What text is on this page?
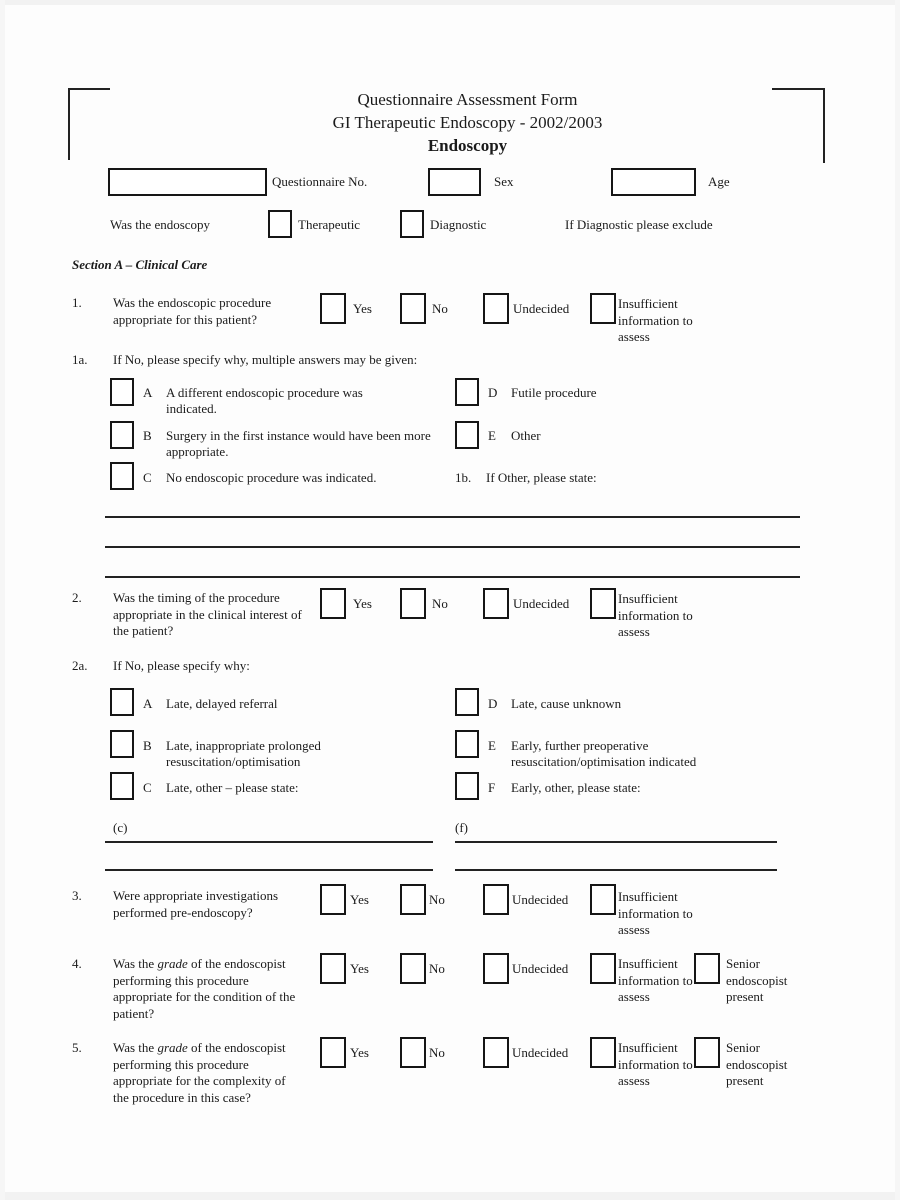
Questionnaire Assessment Form
GI Therapeutic Endoscopy - 2002/2003
Endoscopy
Questionnaire No.	Sex	Age
Was the endoscopy	Therapeutic	Diagnostic	If Diagnostic please exclude
Section A – Clinical Care
1. Was the endoscopic procedure appropriate for this patient?
Yes	No	Undecided	Insufficient information to assess
1a. If No, please specify why, multiple answers may be given:
A A different endoscopic procedure was indicated.
D Futile procedure
B Surgery in the first instance would have been more appropriate.
E Other
C No endoscopic procedure was indicated.	1b. If Other, please state:
2. Was the timing of the procedure appropriate in the clinical interest of the patient?
Yes	No	Undecided	Insufficient information to assess
2a. If No, please specify why:
A Late, delayed referral	D Late, cause unknown
B Late, inappropriate prolonged resuscitation/optimisation
E Early, further preoperative resuscitation/optimisation indicated
C Late, other – please state:	F Early, other, please state:
(c)	(f)
3. Were appropriate investigations performed pre-endoscopy?
Yes	No	Undecided	Insufficient information to assess
4. Was the grade of the endoscopist performing this procedure appropriate for the condition of the patient?
Yes	No	Undecided	Insufficient information to assess
Senior endoscopist present
5. Was the grade of the endoscopist performing this procedure appropriate for the complexity of the procedure in this case?
Yes	No	Undecided	Insufficient information to assess
Senior endoscopist present
